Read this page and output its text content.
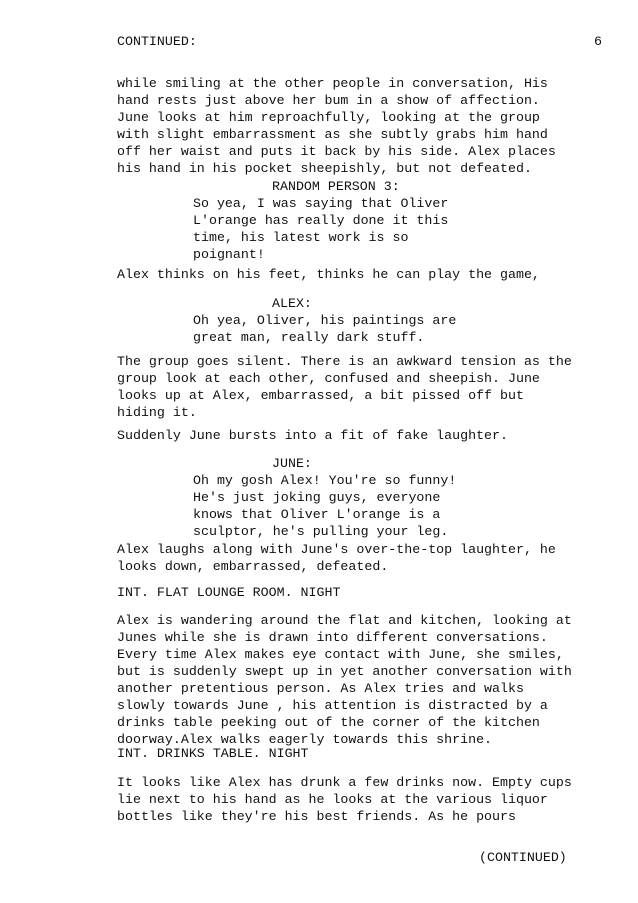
CONTINUED:	6
while smiling at the other people in conversation, His
hand rests just above her bum in a show of affection.
June looks at him reproachfully, looking at the group
with slight embarrassment as she subtly grabs him hand
off her waist and puts it back by his side. Alex places
his hand in his pocket sheepishly, but not defeated.
RANDOM PERSON 3:
So yea, I was saying that Oliver
L'orange has really done it this
time, his latest work is so
poignant!
Alex thinks on his feet, thinks he can play the game,
ALEX:
Oh yea, Oliver, his paintings are
great man, really dark stuff.
The group goes silent. There is an awkward tension as the
group look at each other, confused and sheepish. June
looks up at Alex, embarrassed, a bit pissed off but
hiding it.
Suddenly June bursts into a fit of fake laughter.
JUNE:
Oh my gosh Alex! You're so funny!
He's just joking guys, everyone
knows that Oliver L'orange is a
sculptor, he's pulling your leg.
Alex laughs along with June's over-the-top laughter, he
looks down, embarrassed, defeated.
INT. FLAT LOUNGE ROOM. NIGHT
Alex is wandering around the flat and kitchen, looking at
Junes while she is drawn into different conversations.
Every time Alex makes eye contact with June, she smiles,
but is suddenly swept up in yet another conversation with
another pretentious person. As Alex tries and walks
slowly towards June , his attention is distracted by a
drinks table peeking out of the corner of the kitchen
doorway.Alex walks eagerly towards this shrine.
INT. DRINKS TABLE. NIGHT
It looks like Alex has drunk a few drinks now. Empty cups
lie next to his hand as he looks at the various liquor
bottles like they're his best friends. As he pours
(CONTINUED)
